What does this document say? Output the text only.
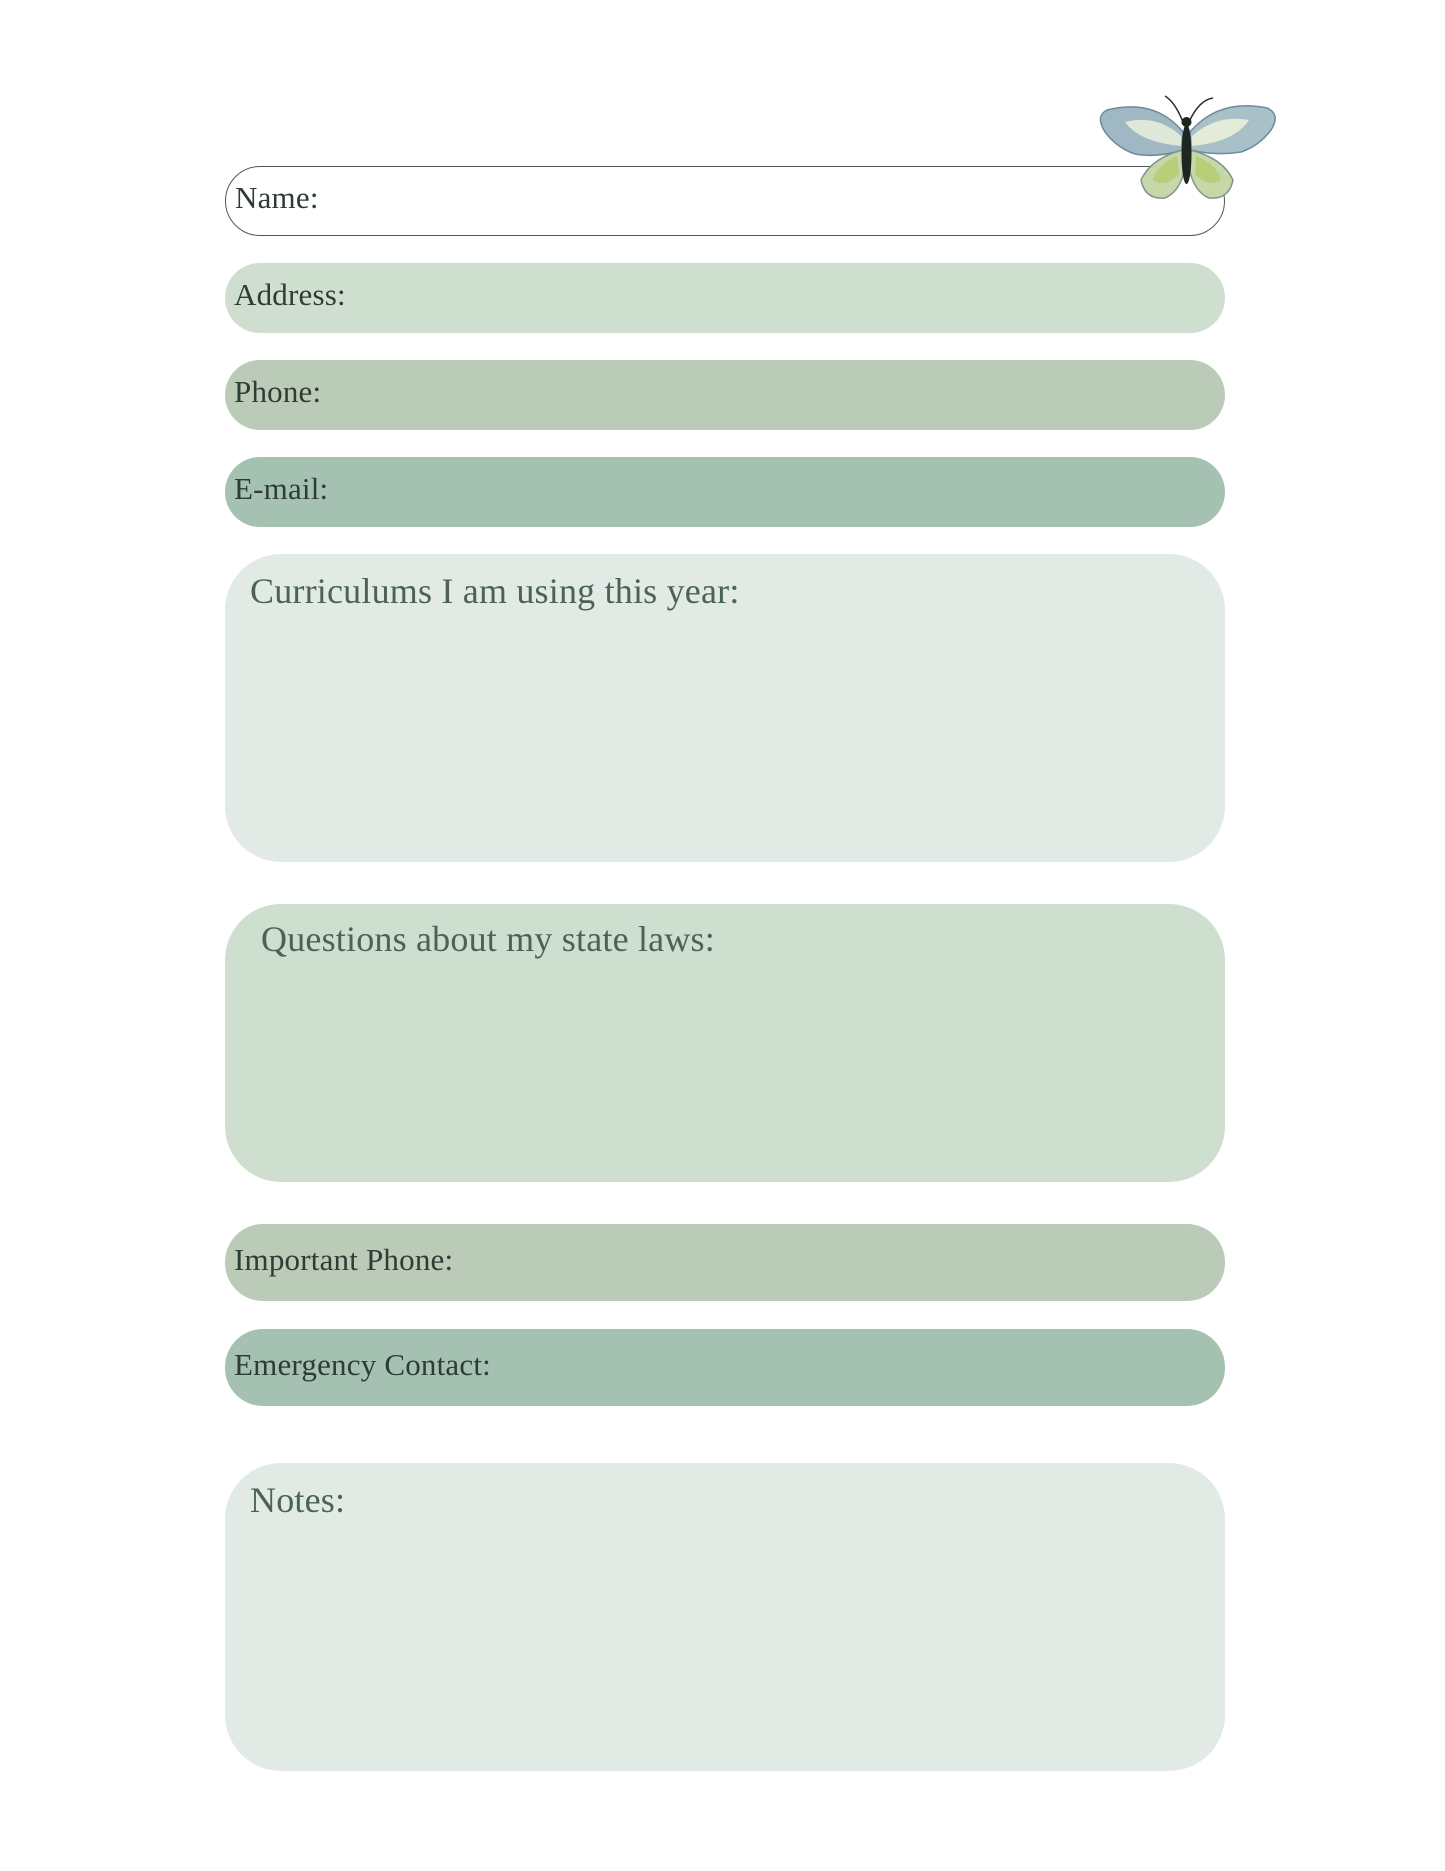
Name:
Address:
Phone:
E-mail:
Curriculums I am using this year:
Questions about my state laws:
Important Phone:
Emergency Contact:
Notes:
